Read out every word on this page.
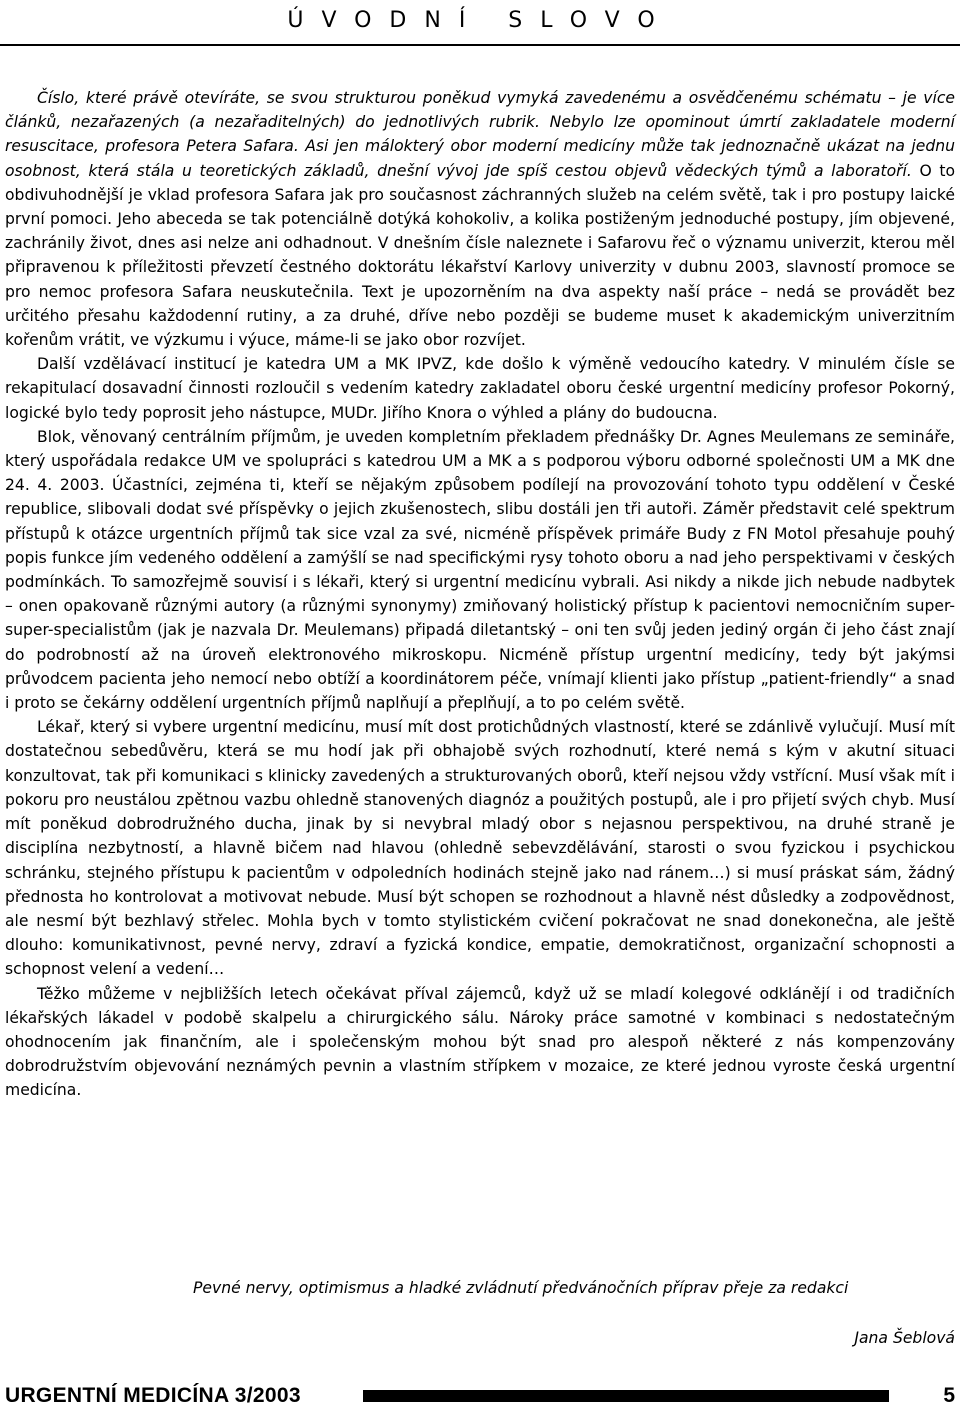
ÚVODNÍ SLOVO

Číslo, které právě otevíráte, se svou strukturou poněkud vymyká zavedenému a osvědčenému schématu – je více článků, nezařazených (a nezařaditelných) do jednotlivých rubrik. Nebylo lze opominout úmrtí zakladatele moderní resuscitace, profesora Petera Safara. Asi jen málokterý obor moderní medicíny může tak jednoznačně ukázat na jednu osobnost, která stála u teoretických základů, dnešní vývoj jde spíš cestou objevů vědeckých týmů a laboratoří. O to obdivuhodnější je vklad profesora Safara jak pro současnost záchranných služeb na celém světě, tak i pro postupy laické první pomoci. Jeho abeceda se tak potenciálně dotýká kohokoliv, a kolika postiženým jednoduché postupy, jím objevené, zachránily život, dnes asi nelze ani odhadnout. V dnešním čísle naleznete i Safarovu řeč o významu univerzit, kterou měl připravenou k příležitosti převzetí čestného doktorátu lékařství Karlovy univerzity v dubnu 2003, slavností promoce se pro nemoc profesora Safara neuskutečnila. Text je upozorněním na dva aspekty naší práce – nedá se provádět bez určitého přesahu každodenní rutiny, a za druhé, dříve nebo později se budeme muset k akademickým univerzitním kořenům vrátit, ve výzkumu i výuce, máme-li se jako obor rozvíjet.

Další vzdělávací institucí je katedra UM a MK IPVZ, kde došlo k výměně vedoucího katedry. V minulém čísle se rekapitulací dosavadní činnosti rozloučil s vedením katedry zakladatel oboru české urgentní medicíny profesor Pokorný, logické bylo tedy poprosit jeho nástupce, MUDr. Jiřího Knora o výhled a plány do budoucna.

Blok, věnovaný centrálním příjmům, je uveden kompletním překladem přednášky Dr. Agnes Meulemans ze semináře, který uspořádala redakce UM ve spolupráci s katedrou UM a MK a s podporou výboru odborné společnosti UM a MK dne 24. 4. 2003. Účastníci, zejména ti, kteří se nějakým způsobem podílejí na provozování tohoto typu oddělení v České republice, slibovali dodat své příspěvky o jejich zkušenostech, slibu dostáli jen tři autoři. Záměr představit celé spektrum přístupů k otázce urgentních příjmů tak sice vzal za své, nicméně příspěvek primáře Budy z FN Motol přesahuje pouhý popis funkce jím vedeného oddělení a zamýšlí se nad specifickými rysy tohoto oboru a nad jeho perspektivami v českých podmínkách. To samozřejmě souvisí i s lékaři, který si urgentní medicínu vybrali. Asi nikdy a nikde jich nebude nadbytek – onen opakovaně různými autory (a různými synonymy) zmiňovaný holistický přístup k pacientovi nemocničním super-super-specialistům (jak je nazvala Dr. Meulemans) připadá diletantský – oni ten svůj jeden jediný orgán či jeho část znají do podrobností až na úroveň elektronového mikroskopu. Nicméně přístup urgentní medicíny, tedy být jakýmsi průvodcem pacienta jeho nemocí nebo obtíží a koordinátorem péče, vnímají klienti jako přístup „patient-friendly“ a snad i proto se čekárny oddělení urgentních příjmů naplňují a přeplňují, a to po celém světě.

Lékař, který si vybere urgentní medicínu, musí mít dost protichůdných vlastností, které se zdánlivě vylučují. Musí mít dostatečnou sebedůvěru, která se mu hodí jak při obhajobě svých rozhodnutí, které nemá s kým v akutní situaci konzultovat, tak při komunikaci s klinicky zavedených a strukturovaných oborů, kteří nejsou vždy vstřícní. Musí však mít i pokoru pro neustálou zpětnou vazbu ohledně stanovených diagnóz a použitých postupů, ale i pro přijetí svých chyb. Musí mít poněkud dobrodružného ducha, jinak by si nevybral mladý obor s nejasnou perspektivou, na druhé straně je disciplína nezbytností, a hlavně bičem nad hlavou (ohledně sebevzdělávání, starosti o svou fyzickou i psychickou schránku, stejného přístupu k pacientům v odpoledních hodinách stejně jako nad ránem…) si musí práskat sám, žádný přednosta ho kontrolovat a motivovat nebude. Musí být schopen se rozhodnout a hlavně nést důsledky a zodpovědnost, ale nesmí být bezhlavý střelec. Mohla bych v tomto stylistickém cvičení pokračovat ne snad donekonečna, ale ještě dlouho: komunikativnost, pevné nervy, zdraví a fyzická kondice, empatie, demokratičnost, organizační schopnosti a schopnost velení a vedení…

Těžko můžeme v nejbližších letech očekávat příval zájemců, když už se mladí kolegové odklánějí i od tradičních lékařských lákadel v podobě skalpelu a chirurgického sálu. Nároky práce samotné v kombinaci s nedostatečným ohodnocením jak finančním, ale i společenským mohou být snad pro alespoň některé z nás kompenzovány dobrodružstvím objevování neznámých pevnin a vlastním střípkem v mozaice, ze které jednou vyroste česká urgentní medicína.

Pevné nervy, optimismus a hladké zvládnutí předvánočních příprav přeje za redakci
Jana Šeblová
URGENTNÍ MEDICÍNA 3/2003	5
